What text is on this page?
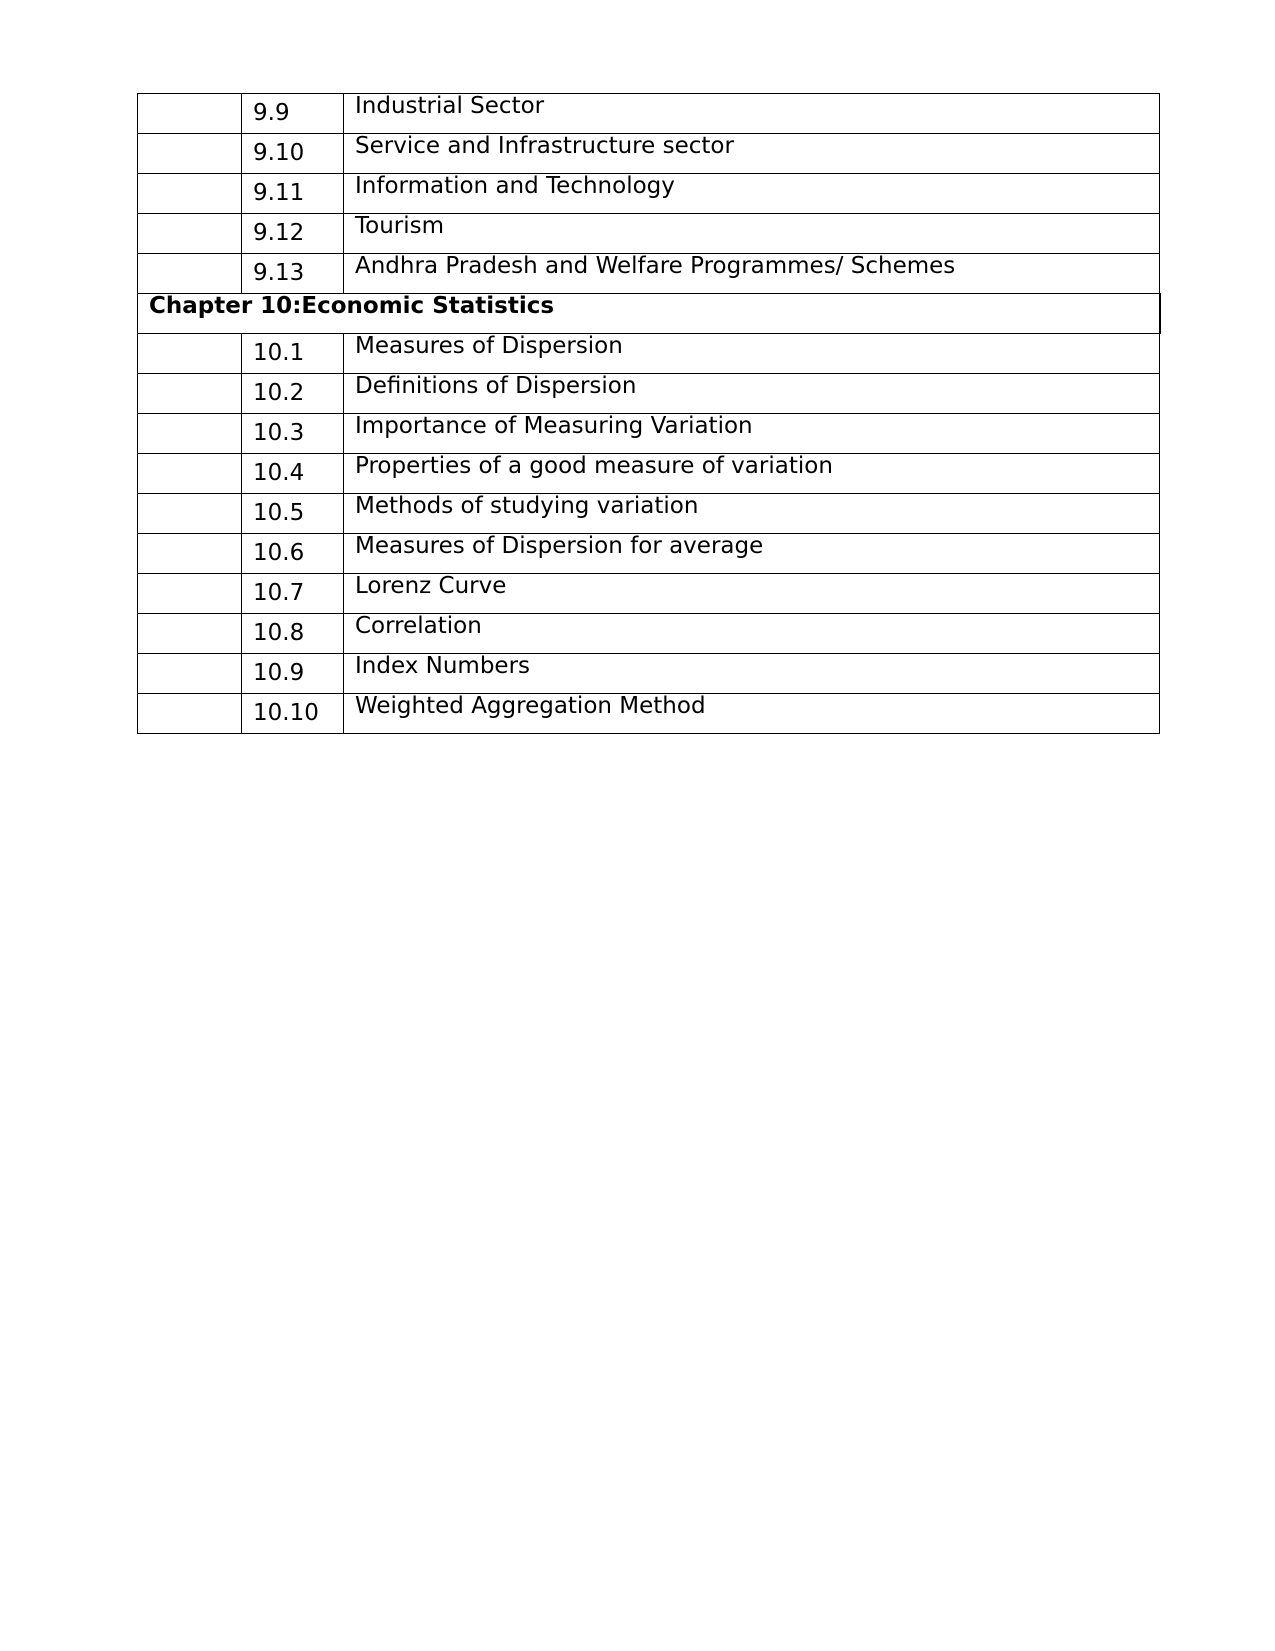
	9.9	Industrial Sector
	9.10	Service and Infrastructure sector
	9.11	Information and Technology
	9.12	Tourism
	9.13	Andhra Pradesh and Welfare Programmes/ Schemes
Chapter 10:Economic Statistics		
	10.1	Measures of Dispersion
	10.2	Definitions of Dispersion
	10.3	Importance of Measuring Variation
	10.4	Properties of a good measure of variation
	10.5	Methods of studying variation
	10.6	Measures of Dispersion for average
	10.7	Lorenz Curve
	10.8	Correlation
	10.9	Index Numbers
	10.10	Weighted Aggregation Method
